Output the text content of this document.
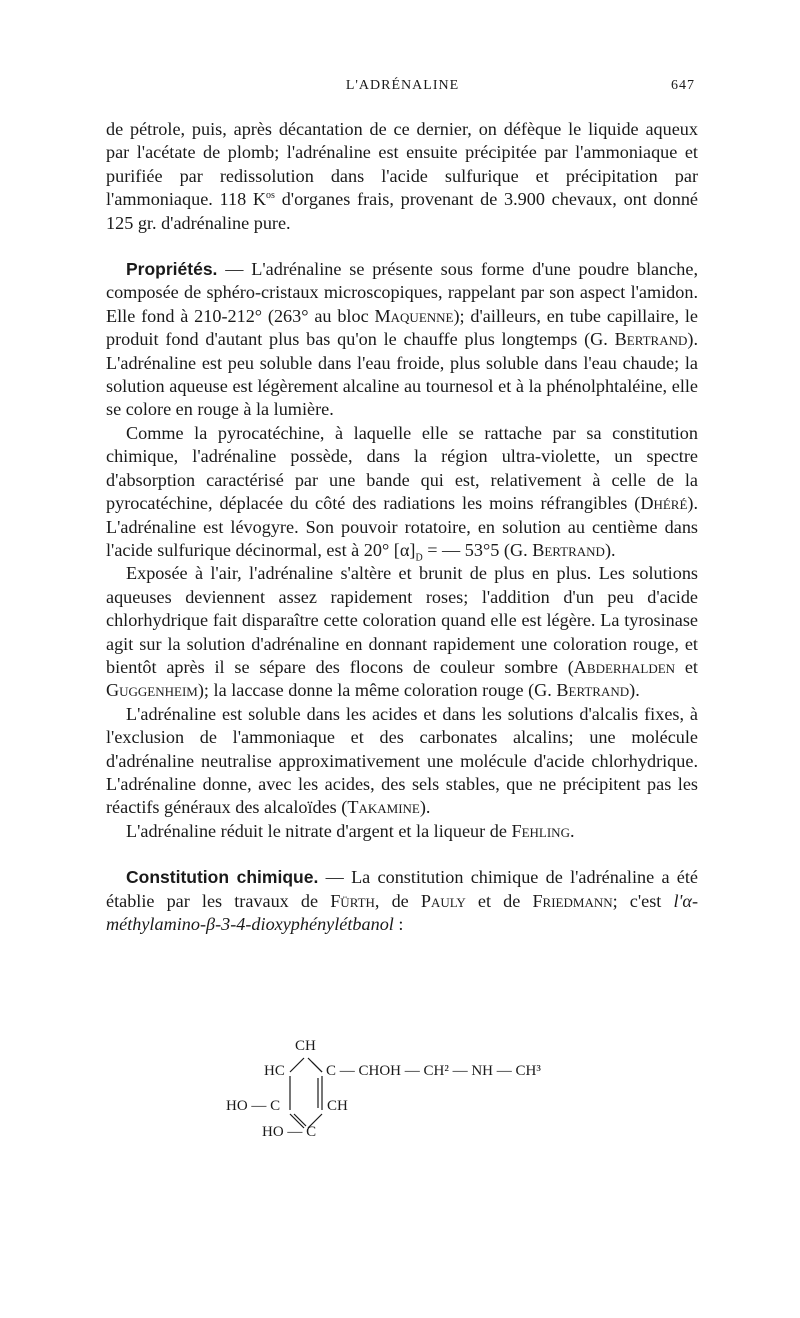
L'ADRÉNALINE	647

de pétrole, puis, après décantation de ce dernier, on défèque le liquide aqueux par l'acétate de plomb; l'adrénaline est ensuite précipitée par l'ammoniaque et purifiée par redissolution dans l'acide sulfurique et précipitation par l'ammoniaque. 118 $K^{os}$ d'organes frais, provenant de 3.900 chevaux, ont donné 125 gr. d'adrénaline pure.

Propriétés. — L'adrénaline se présente sous forme d'une poudre blanche, composée de sphéro-cristaux microscopiques, rappelant par son aspect l'amidon. Elle fond à 210-212° (263° au bloc Maquenne); d'ailleurs, en tube capillaire, le produit fond d'autant plus bas qu'on le chauffe plus longtemps (G. Bertrand). L'adrénaline est peu soluble dans l'eau froide, plus soluble dans l'eau chaude; la solution aqueuse est légèrement alcaline au tournesol et à la phénolphtaléine, elle se colore en rouge à la lumière.

Comme la pyrocatéchine, à laquelle elle se rattache par sa constitution chimique, l'adrénaline possède, dans la région ultra-violette, un spectre d'absorption caractérisé par une bande qui est, relativement à celle de la pyrocatéchine, déplacée du côté des radiations les moins réfrangibles (Dhéré). L'adrénaline est lévogyre. Son pouvoir rotatoire, en solution au centième dans l'acide sulfurique décinormal, est à 20° $[\alpha]_D$ = — 53°5 (G. Bertrand).

Exposée à l'air, l'adrénaline s'altère et brunit de plus en plus. Les solutions aqueuses deviennent assez rapidement roses; l'addition d'un peu d'acide chlorhydrique fait disparaître cette coloration quand elle est légère. La tyrosinase agit sur la solution d'adrénaline en donnant rapidement une coloration rouge, et bientôt après il se sépare des flocons de couleur sombre (Abderhalden et Guggenheim); la laccase donne la même coloration rouge (G. Bertrand).

L'adrénaline est soluble dans les acides et dans les solutions d'alcalis fixes, à l'exclusion de l'ammoniaque et des carbonates alcalins; une molécule d'adrénaline neutralise approximativement une molécule d'acide chlorhydrique. L'adrénaline donne, avec les acides, des sels stables, que ne précipitent pas les réactifs généraux des alcaloïdes (Takamine).

L'adrénaline réduit le nitrate d'argent et la liqueur de Fehling.

Constitution chimique. — La constitution chimique de l'adrénaline a été établie par les travaux de Fürth, de Pauly et de Friedmann; c'est l'α-méthylamino-β-3-4-dioxyphénylétbanol :

CH
HC	C — CHOH — CH² — NH — CH³
HO — C	CH
HO — C
